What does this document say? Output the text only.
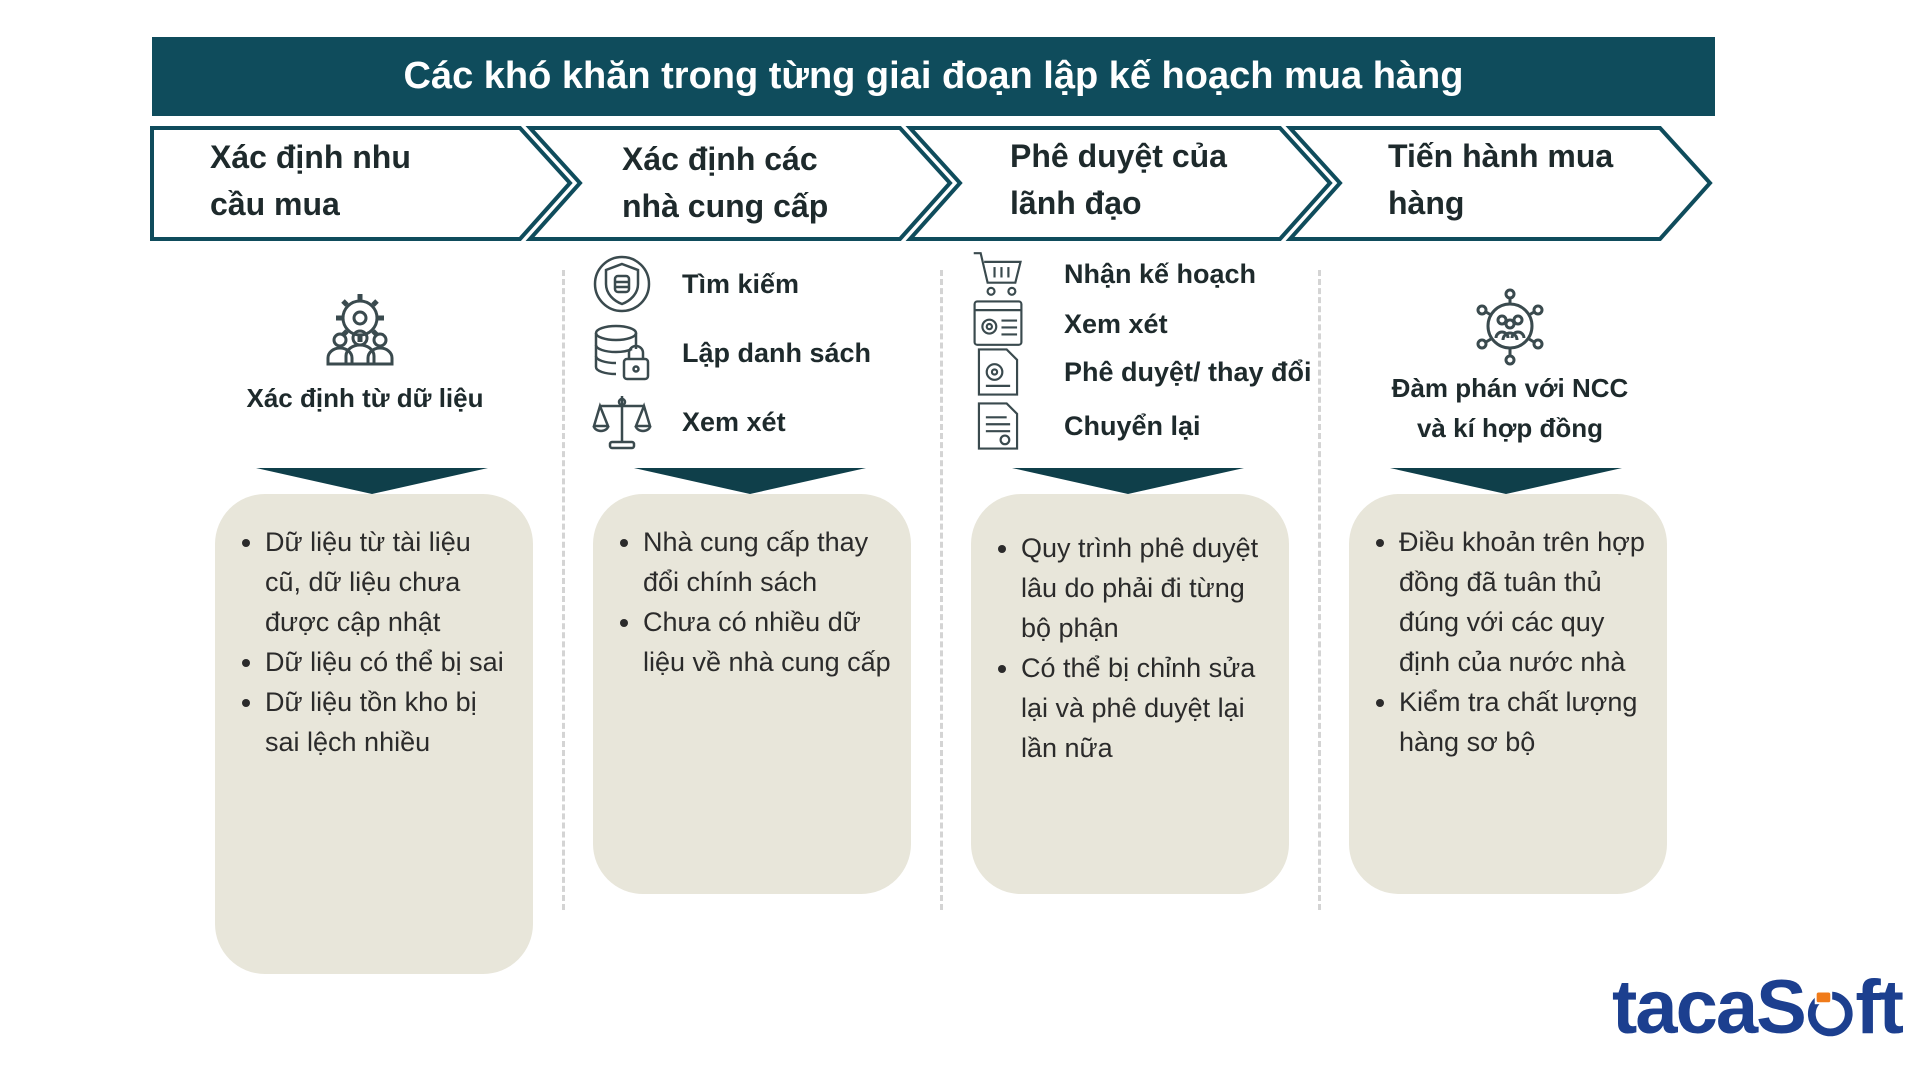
Các khó khăn trong từng giai đoạn lập kế hoạch mua hàng
Xác định nhu
cầu mua
Xác định các
nhà cung cấp
Phê duyệt của
lãnh đạo
Tiến hành mua
hàng
Xác định từ dữ liệu
• Dữ liệu từ tài liệu cũ, dữ liệu chưa được cập nhật
• Dữ liệu có thể bị sai
• Dữ liệu tồn kho bị sai lệch nhiều
Tìm kiếm
Lập danh sách
Xem xét
• Nhà cung cấp thay đổi chính sách
• Chưa có nhiều dữ liệu về nhà cung cấp
Nhận kế hoạch
Xem xét
Phê duyệt/ thay đổi
Chuyển lại
• Quy trình phê duyệt lâu do phải đi từng bộ phận
• Có thể bị chỉnh sửa lại và phê duyệt lại lần nữa
Đàm phán với NCC
và kí hợp đồng
• Điều khoản trên hợp đồng đã tuân thủ đúng với các quy định của nước nhà
• Kiểm tra chất lượng hàng sơ bộ
taca S ft
